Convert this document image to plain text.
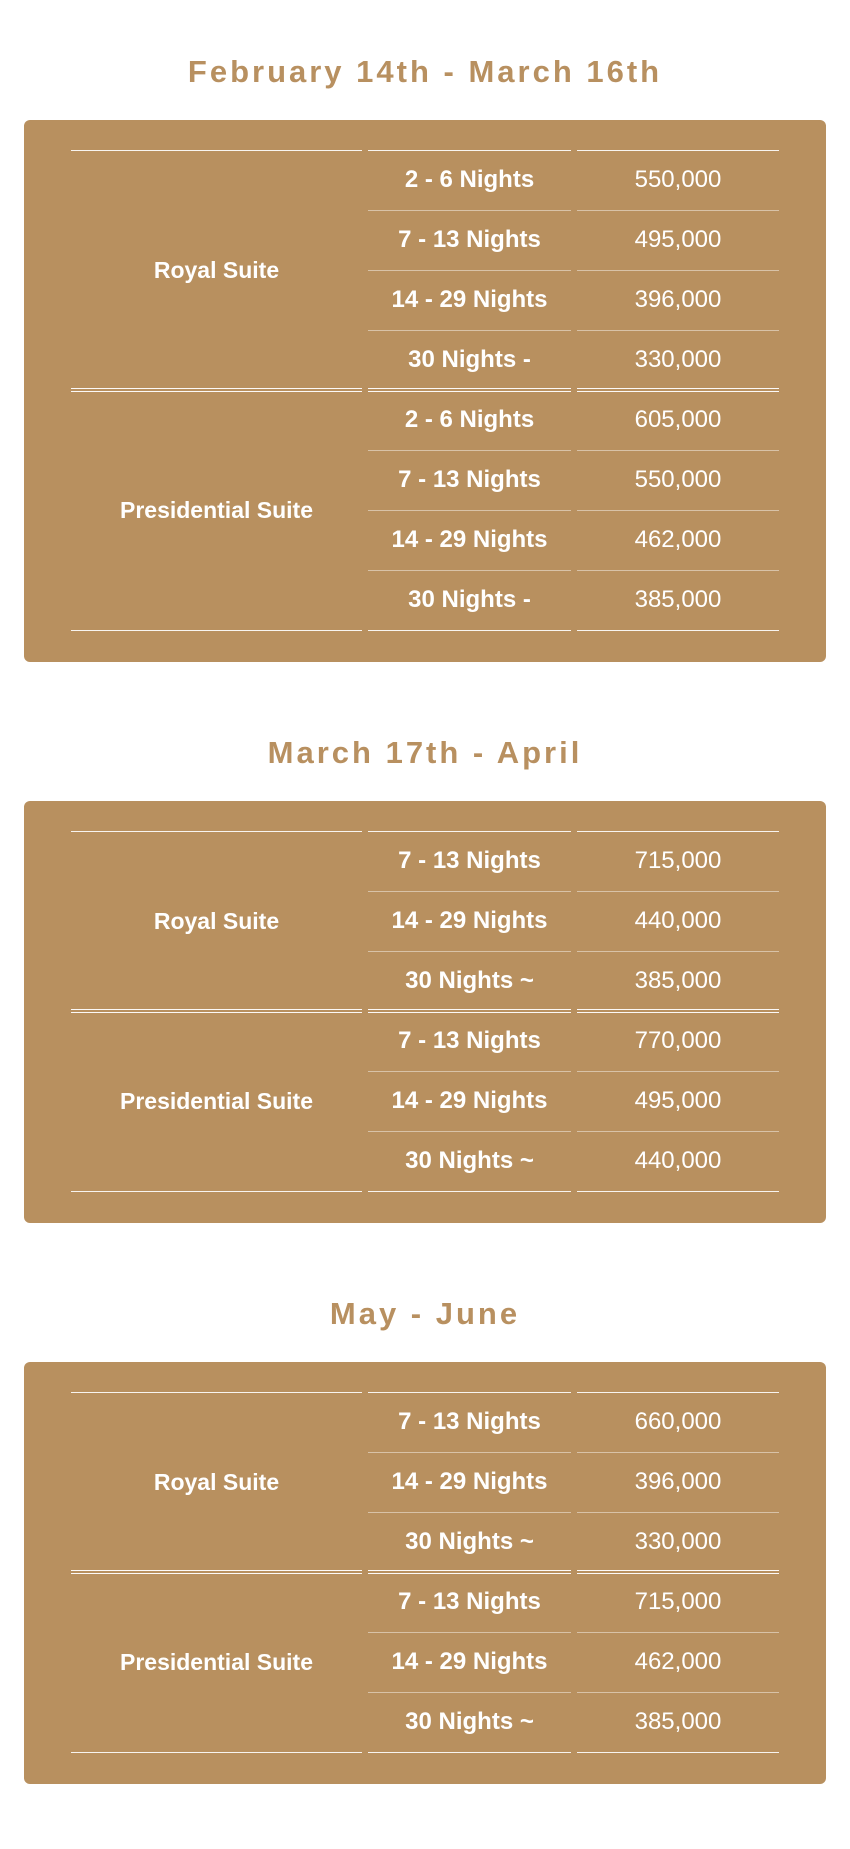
February 14th - March 16th
Royal Suite
2 - 6 Nights	550,000
7 - 13 Nights	495,000
14 - 29 Nights	396,000
30 Nights -	330,000
Presidential Suite
2 - 6 Nights	605,000
7 - 13 Nights	550,000
14 - 29 Nights	462,000
30 Nights -	385,000
March 17th - April
Royal Suite
7 - 13 Nights	715,000
14 - 29 Nights	440,000
30 Nights ~	385,000
Presidential Suite
7 - 13 Nights	770,000
14 - 29 Nights	495,000
30 Nights ~	440,000
May - June
Royal Suite
7 - 13 Nights	660,000
14 - 29 Nights	396,000
30 Nights ~	330,000
Presidential Suite
7 - 13 Nights	715,000
14 - 29 Nights	462,000
30 Nights ~	385,000
